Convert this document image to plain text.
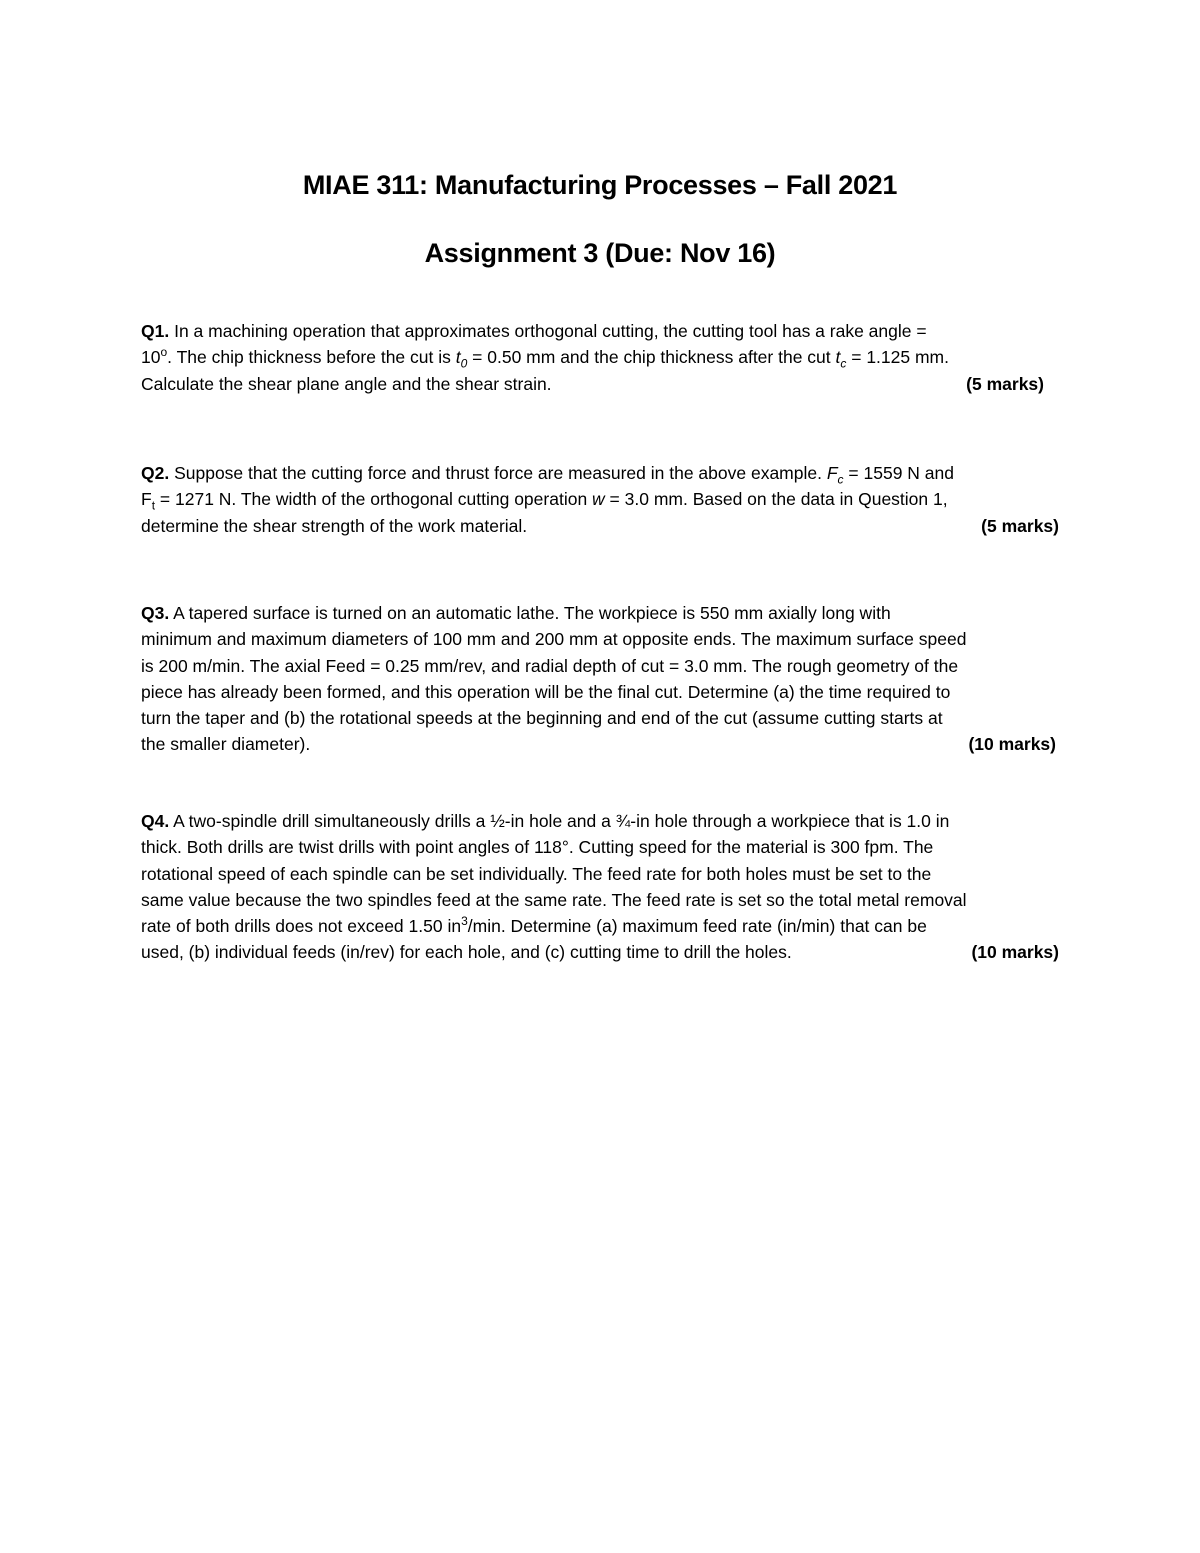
MIAE 311: Manufacturing Processes – Fall 2021
Assignment 3 (Due: Nov 16)
Q1. In a machining operation that approximates orthogonal cutting, the cutting tool has a rake angle =
$10^o$. The chip thickness before the cut is $t_0 = 0.50$ mm and the chip thickness after the cut $t_c = 1.125$ mm.
Calculate the shear plane angle and the shear strain.	(5 marks)
Q2. Suppose that the cutting force and thrust force are measured in the above example. $F_c = 1559$ N and
$F_t = 1271$ N. The width of the orthogonal cutting operation w = 3.0 mm. Based on the data in Question 1,
determine the shear strength of the work material.	(5 marks)
Q3. A tapered surface is turned on an automatic lathe. The workpiece is 550 mm axially long with
minimum and maximum diameters of 100 mm and 200 mm at opposite ends. The maximum surface speed
is 200 m/min. The axial Feed = 0.25 mm/rev, and radial depth of cut = 3.0 mm. The rough geometry of the
piece has already been formed, and this operation will be the final cut. Determine (a) the time required to
turn the taper and (b) the rotational speeds at the beginning and end of the cut (assume cutting starts at
the smaller diameter).	(10 marks)
Q4. A two-spindle drill simultaneously drills a ½-in hole and a ¾-in hole through a workpiece that is 1.0 in
thick. Both drills are twist drills with point angles of 118°. Cutting speed for the material is 300 fpm. The
rotational speed of each spindle can be set individually. The feed rate for both holes must be set to the
same value because the two spindles feed at the same rate. The feed rate is set so the total metal removal
rate of both drills does not exceed 1.50 $in^3/\min$. Determine (a) maximum feed rate (in/min) that can be
used, (b) individual feeds (in/rev) for each hole, and (c) cutting time to drill the holes.	(10 marks)
